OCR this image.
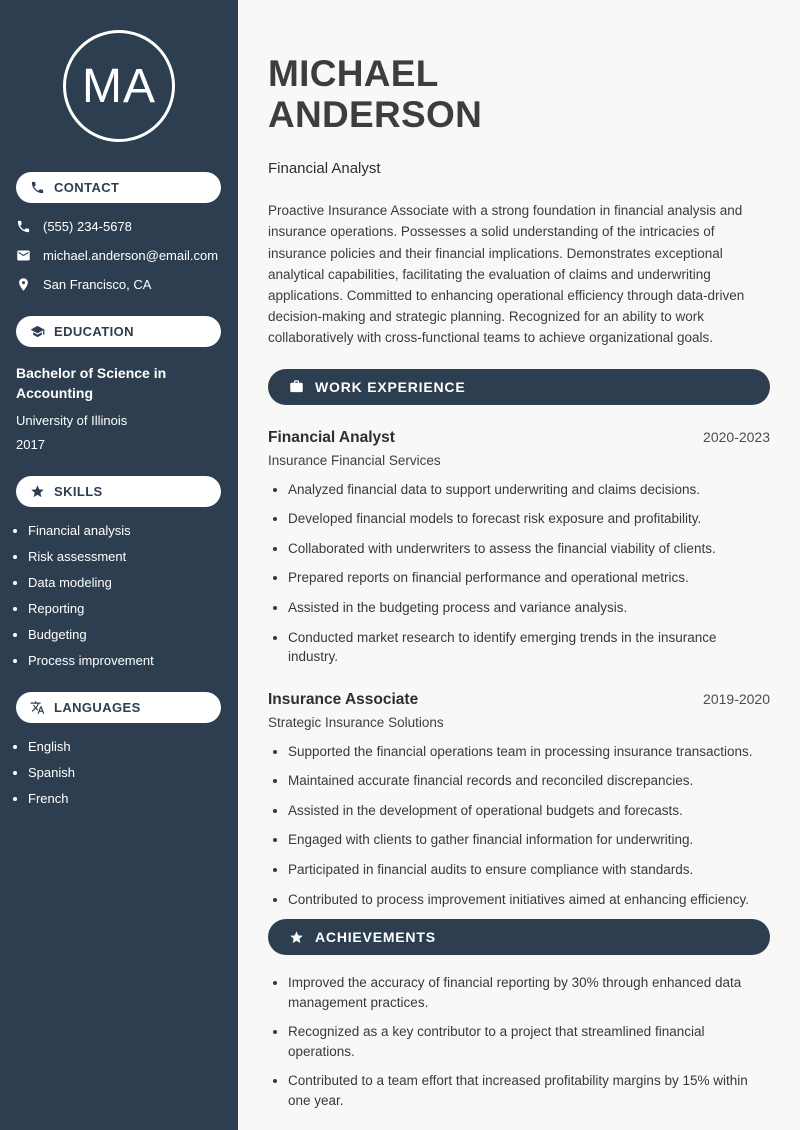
MA
CONTACT
(555) 234-5678
michael.anderson@email.com
San Francisco, CA
EDUCATION
Bachelor of Science in Accounting
University of Illinois
2017
SKILLS
• Financial analysis
• Risk assessment
• Data modeling
• Reporting
• Budgeting
• Process improvement
LANGUAGES
• English
• Spanish
• French
MICHAEL
ANDERSON
Financial Analyst

Proactive Insurance Associate with a strong foundation in financial analysis and insurance operations. Possesses a solid understanding of the intricacies of insurance policies and their financial implications. Demonstrates exceptional analytical capabilities, facilitating the evaluation of claims and underwriting applications. Committed to enhancing operational efficiency through data-driven decision-making and strategic planning. Recognized for an ability to work collaboratively with cross-functional teams to achieve organizational goals.

WORK EXPERIENCE
Financial Analyst	2020-2023
Insurance Financial Services
• Analyzed financial data to support underwriting and claims decisions.
• Developed financial models to forecast risk exposure and profitability.
• Collaborated with underwriters to assess the financial viability of clients.
• Prepared reports on financial performance and operational metrics.
• Assisted in the budgeting process and variance analysis.
• Conducted market research to identify emerging trends in the insurance industry.
Insurance Associate	2019-2020
Strategic Insurance Solutions
• Supported the financial operations team in processing insurance transactions.
• Maintained accurate financial records and reconciled discrepancies.
• Assisted in the development of operational budgets and forecasts.
• Engaged with clients to gather financial information for underwriting.
• Participated in financial audits to ensure compliance with standards.
• Contributed to process improvement initiatives aimed at enhancing efficiency.
ACHIEVEMENTS
• Improved the accuracy of financial reporting by 30% through enhanced data management practices.
• Recognized as a key contributor to a project that streamlined financial operations.
• Contributed to a team effort that increased profitability margins by 15% within one year.
